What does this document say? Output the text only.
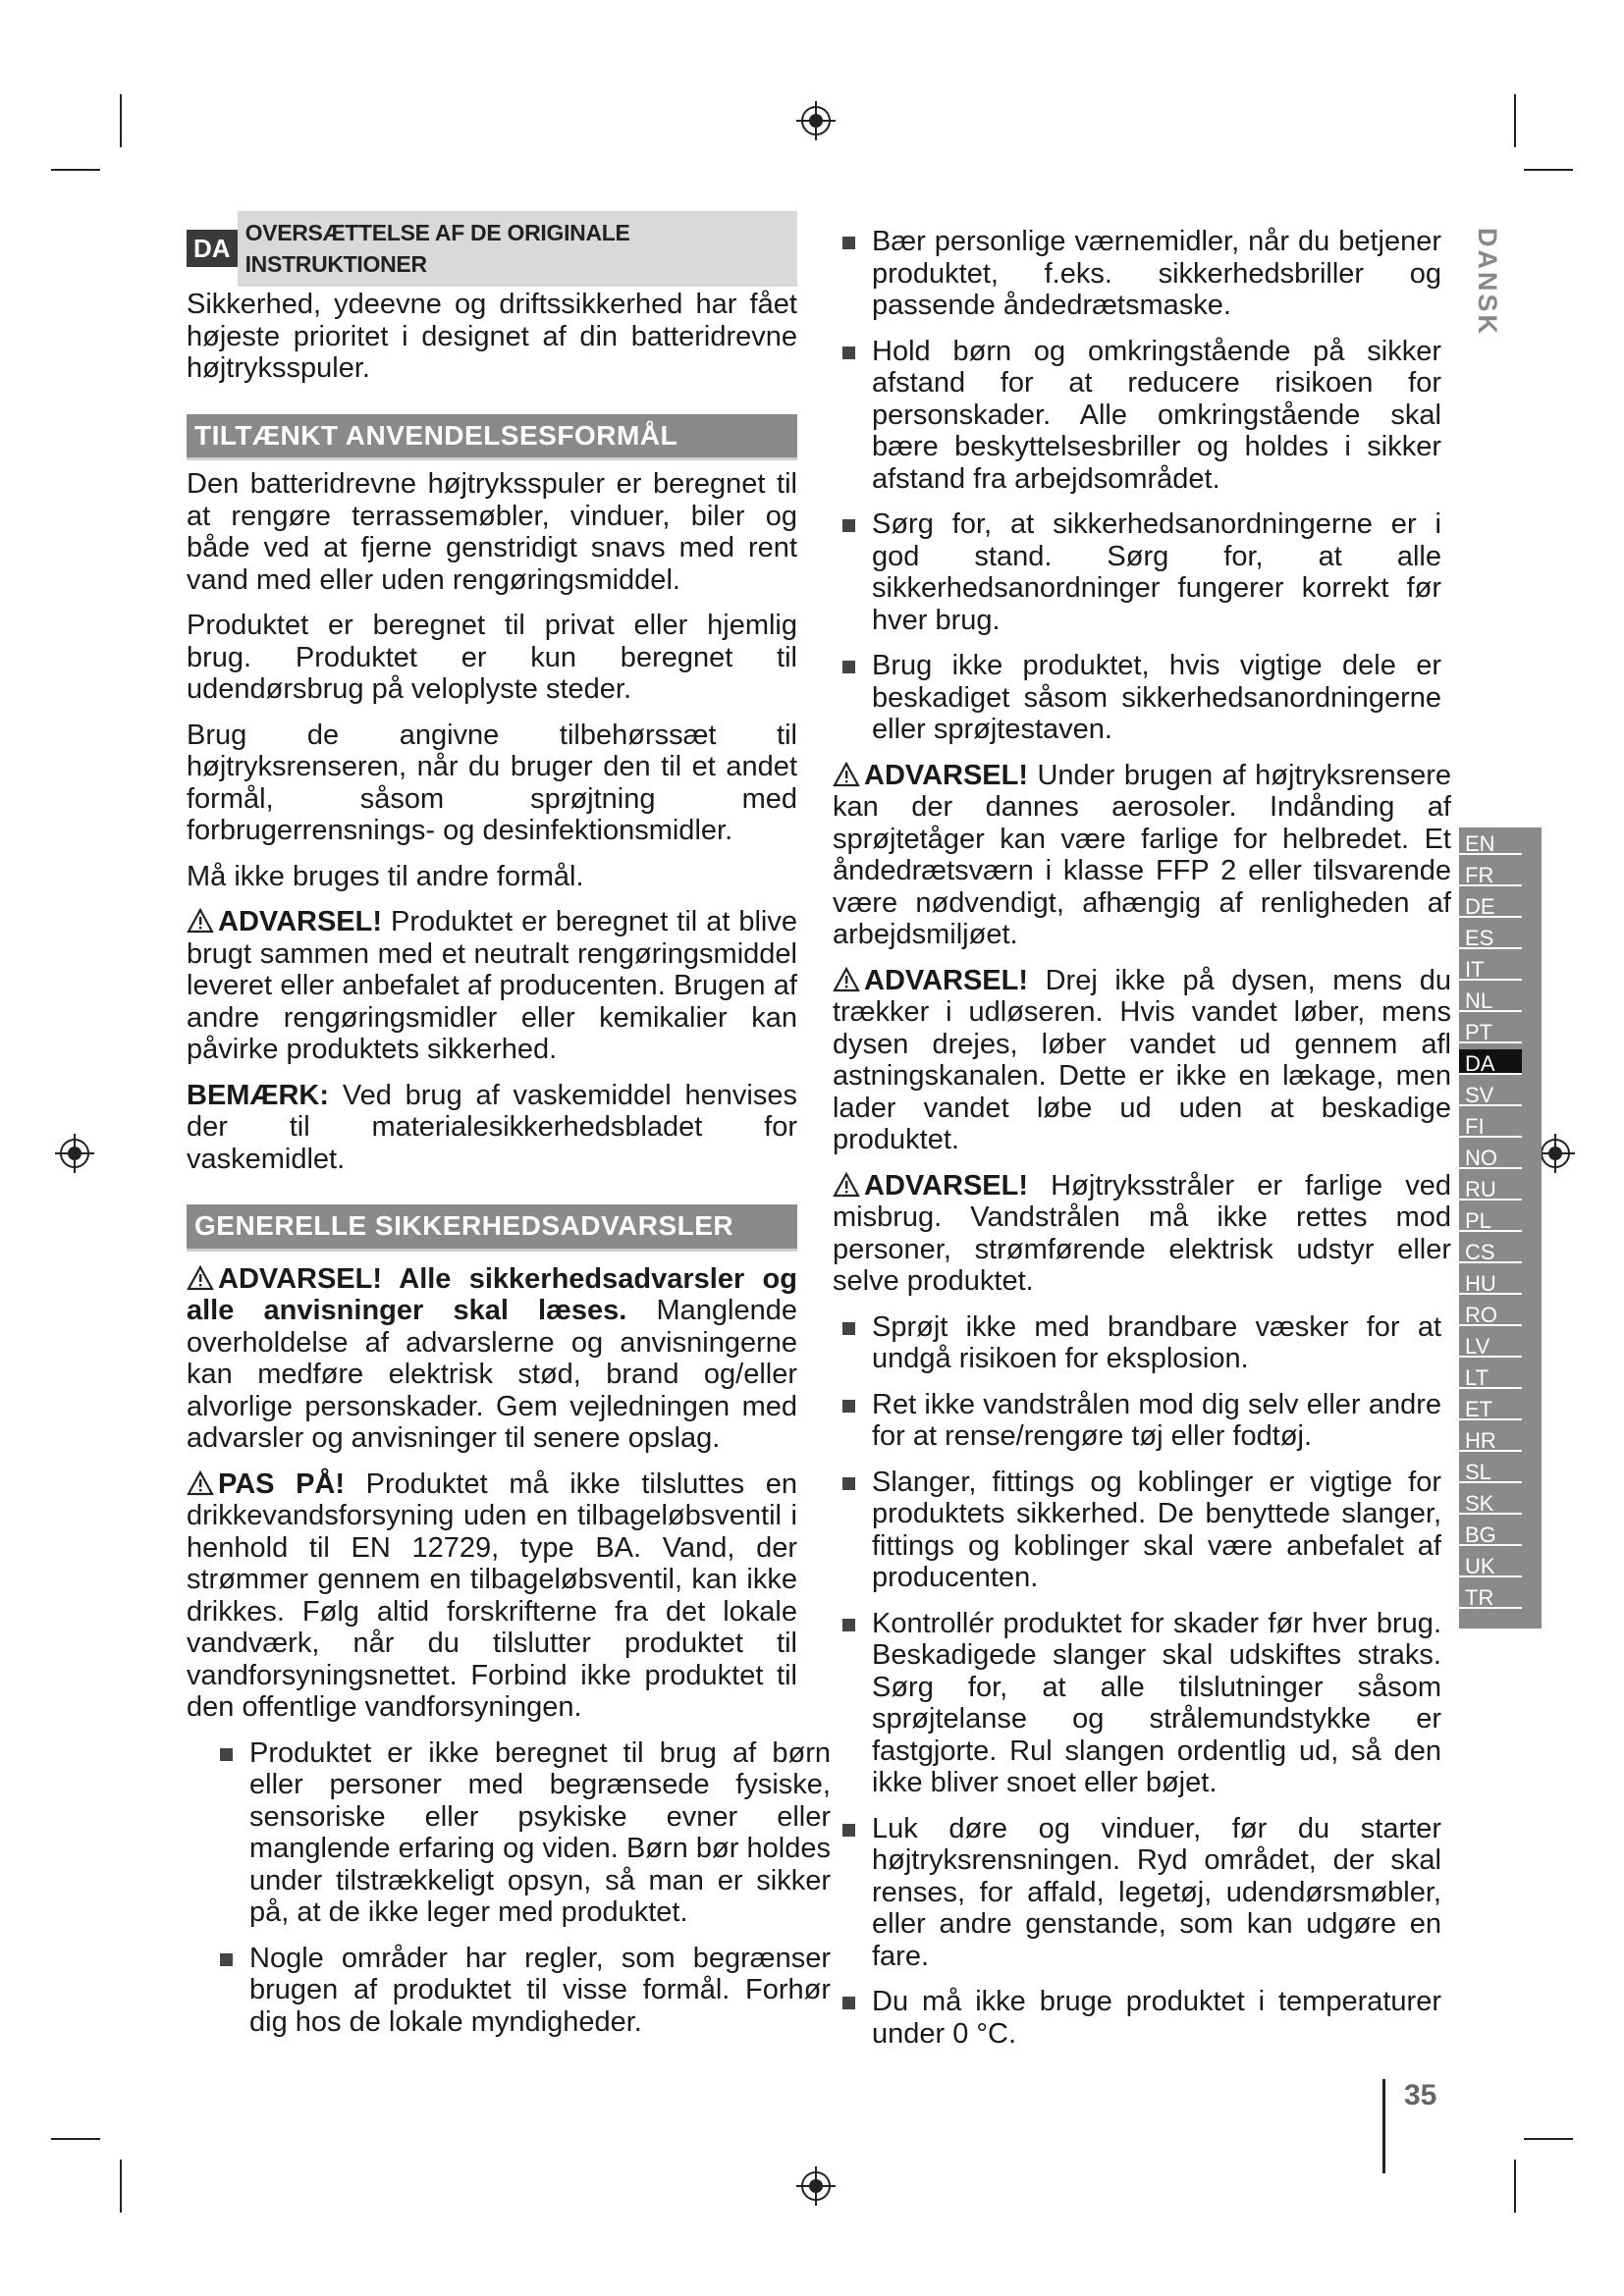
DA
OVERSÆTTELSE AF DE ORIGINALE INSTRUKTIONER

Sikkerhed, ydeevne og driftssikkerhed har fået højeste prioritet i designet af din batteridrevne højtryksspuler.

TILTÆNKT ANVENDELSESFORMÅL

Den batteridrevne højtryksspuler er beregnet til at rengøre terrassemøbler, vinduer, biler og både ved at fjerne genstridigt snavs med rent vand med eller uden rengøringsmiddel.

Produktet er beregnet til privat eller hjemlig brug. Produktet er kun beregnet til udendørsbrug på veloplyste steder.

Brug de angivne tilbehørssæt til højtryksrenseren, når du bruger den til et andet formål, såsom sprøjtning med forbrugerrensnings- og desinfektionsmidler.

Må ikke bruges til andre formål.

ADVARSEL! Produktet er beregnet til at blive brugt sammen med et neutralt rengøringsmiddel leveret eller anbefalet af producenten. Brugen af andre rengøringsmidler eller kemikalier kan påvirke produktets sikkerhed.

BEMÆRK: Ved brug af vaskemiddel henvises der til materialesikkerhedsbladet for vaskemidlet.

GENERELLE SIKKERHEDSADVARSLER

ADVARSEL! Alle sikkerhedsadvarsler og alle anvisninger skal læses. Manglende overholdelse af advarslerne og anvisningerne kan medføre elektrisk stød, brand og/eller alvorlige personskader. Gem vejledningen med advarsler og anvisninger til senere opslag.

PAS PÅ! Produktet må ikke tilsluttes en drikkevandsforsyning uden en tilbageløbsventil i henhold til EN 12729, type BA. Vand, der strømmer gennem en tilbageløbsventil, kan ikke drikkes. Følg altid forskrifterne fra det lokale vandværk, når du tilslutter produktet til vandforsyningsnettet. Forbind ikke produktet til den offentlige vandforsyningen.

Produktet er ikke beregnet til brug af børn eller personer med begrænsede fysiske, sensoriske eller psykiske evner eller manglende erfaring og viden. Børn bør holdes under tilstrækkeligt opsyn, så man er sikker på, at de ikke leger med produktet.

Nogle områder har regler, som begrænser brugen af produktet til visse formål. Forhør dig hos de lokale myndigheder.

Bær personlige værnemidler, når du betjener produktet, f.eks. sikkerhedsbriller og passende åndedrætsmaske.

Hold børn og omkringstående på sikker afstand for at reducere risikoen for personskader. Alle omkringstående skal bære beskyttelsesbriller og holdes i sikker afstand fra arbejdsområdet.

Sørg for, at sikkerhedsanordningerne er i god stand. Sørg for, at alle sikkerhedsanordninger fungerer korrekt før hver brug.

Brug ikke produktet, hvis vigtige dele er beskadiget såsom sikkerhedsanordningerne eller sprøjtestaven.

ADVARSEL! Under brugen af højtryksrensere kan der dannes aerosoler. Indånding af sprøjtetåger kan være farlige for helbredet. Et åndedrætsværn i klasse FFP 2 eller tilsvarende være nødvendigt, afhængig af renligheden af arbejdsmiljøet.

ADVARSEL! Drej ikke på dysen, mens du trækker i udløseren. Hvis vandet løber, mens dysen drejes, løber vandet ud gennem afl astningskanalen. Dette er ikke en lækage, men lader vandet løbe ud uden at beskadige produktet.

ADVARSEL! Højtryksstråler er farlige ved misbrug. Vandstrålen må ikke rettes mod personer, strømførende elektrisk udstyr eller selve produktet.

Sprøjt ikke med brandbare væsker for at undgå risikoen for eksplosion.

Ret ikke vandstrålen mod dig selv eller andre for at rense/rengøre tøj eller fodtøj.

Slanger, fittings og koblinger er vigtige for produktets sikkerhed. De benyttede slanger, fittings og koblinger skal være anbefalet af producenten.

Kontrollér produktet for skader før hver brug. Beskadigede slanger skal udskiftes straks. Sørg for, at alle tilslutninger såsom sprøjtelanse og strålemundstykke er fastgjorte. Rul slangen ordentlig ud, så den ikke bliver snoet eller bøjet.

Luk døre og vinduer, før du starter højtryksrensningen. Ryd området, der skal renses, for affald, legetøj, udendørsmøbler, eller andre genstande, som kan udgøre en fare.

Du må ikke bruge produktet i temperaturer under 0 °C.

DANSK
EN
FR
DE
ES
IT
NL
PT
DA
SV
FI
NO
RU
PL
CS
HU
RO
LV
LT
ET
HR
SL
SK
BG
UK
TR
35
